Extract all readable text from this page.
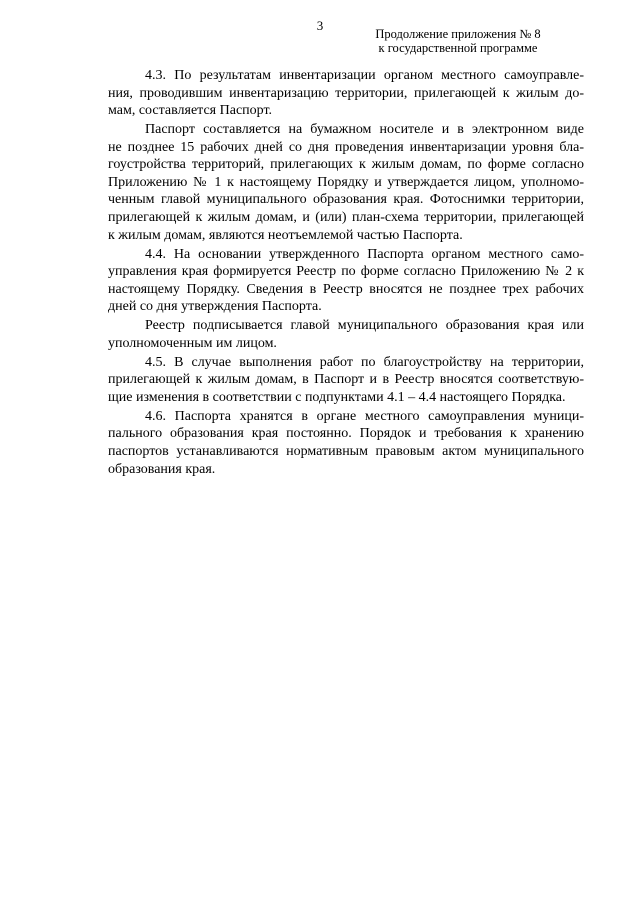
3
Продолжение приложения № 8
к государственной программе

4.3. По результатам инвентаризации органом местного самоуправле-
ния, проводившим инвентаризацию территории, прилегающей к жилым до-
мам, составляется Паспорт.

Паспорт составляется на бумажном носителе и в электронном виде
не позднее 15 рабочих дней со дня проведения инвентаризации уровня бла-
гоустройства территорий, прилегающих к жилым домам, по форме согласно
Приложению № 1 к настоящему Порядку и утверждается лицом, уполномо-
ченным главой муниципального образования края. Фотоснимки территории,
прилегающей к жилым домам, и (или) план-схема территории, прилегающей
к жилым домам, являются неотъемлемой частью Паспорта.

4.4. На основании утвержденного Паспорта органом местного само-
управления края формируется Реестр по форме согласно Приложению № 2 к
настоящему Порядку. Сведения в Реестр вносятся не позднее трех рабочих
дней со дня утверждения Паспорта.

Реестр подписывается главой муниципального образования края или
уполномоченным им лицом.

4.5. В случае выполнения работ по благоустройству на территории,
прилегающей к жилым домам, в Паспорт и в Реестр вносятся соответствую-
щие изменения в соответствии с подпунктами 4.1 – 4.4 настоящего Порядка.

4.6. Паспорта хранятся в органе местного самоуправления муници-
пального образования края постоянно. Порядок и требования к хранению
паспортов устанавливаются нормативным правовым актом муниципального
образования края.
